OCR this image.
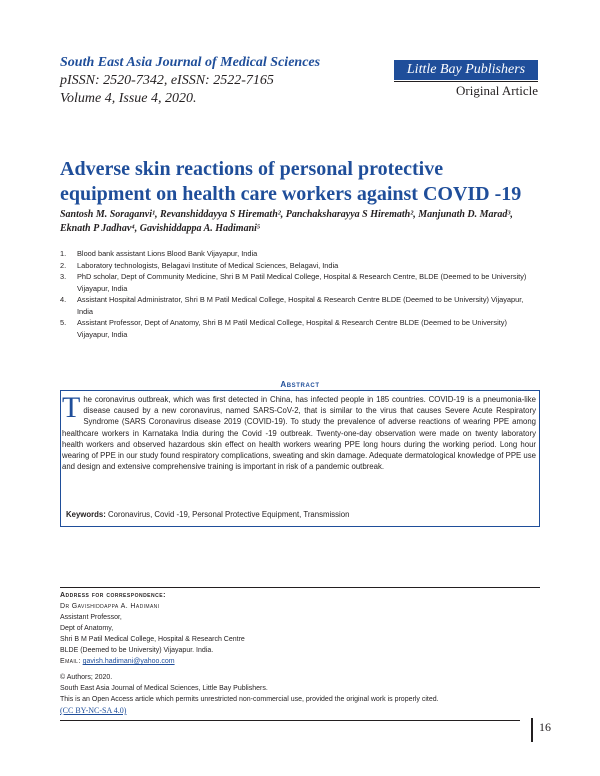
South East Asia Journal of Medical Sciences
pISSN: 2520-7342, eISSN: 2522-7165
Volume 4, Issue 4, 2020.
Little Bay Publishers
Original Article
Adverse skin reactions of personal protective
equipment on health care workers against COVID -19
Santosh M. Soraganvi¹, Revanshiddayya S Hiremath², Panchaksharayya S Hiremath², Manjunath D. Marad³,
Eknath P Jadhav⁴, Gavishiddappa A. Hadimani⁵
1.	Blood bank assistant Lions Blood Bank Vijayapur, India
2.	Laboratory technologists, Belagavi Institute of Medical Sciences, Belagavi, India
3.	PhD scholar, Dept of Community Medicine, Shri B M Patil Medical College, Hospital & Research Centre, BLDE (Deemed to be University) Vijayapur, India
4.	Assistant Hospital Administrator, Shri B M Patil Medical College, Hospital & Research Centre BLDE (Deemed to be University) Vijayapur, India
5.	Assistant Professor, Dept of Anatomy, Shri B M Patil Medical College, Hospital & Research Centre BLDE (Deemed to be University) Vijayapur, India
Abstract
The coronavirus outbreak, which was first detected in China, has infected people in 185 countries. COVID-19 is a pneumonia-like disease caused by a new coronavirus, named SARS-CoV-2, that is similar to the virus that causes Severe Acute Respiratory Syndrome (SARS Coronavirus disease 2019 (COVID-19). To study the prevalence of adverse reactions of wearing PPE among healthcare workers in Karnataka India during the Covid -19 outbreak. Twenty-one-day observation were made on twenty laboratory health workers and observed hazardous skin effect on health workers wearing PPE long hours during the working period. Long hour wearing of PPE in our study found respiratory complications, sweating and skin damage. Adequate dermatological knowledge of PPE use and design and extensive comprehensive training is important in risk of a pandemic outbreak.
Keywords: Coronavirus, Covid -19, Personal Protective Equipment, Transmission
Address for correspondence:
Dr Gavishiddappa A. Hadimani
Assistant Professor,
Dept of Anatomy,
Shri B M Patil Medical College, Hospital & Research Centre
BLDE (Deemed to be University) Vijayapur. India.
Email: gavish.hadimani@yahoo.com
© Authors; 2020.
South East Asia Journal of Medical Sciences, Little Bay Publishers.
This is an Open Access article which permits unrestricted non-commercial use, provided the original work is properly cited.
(CC BY-NC-SA 4.0)
16
